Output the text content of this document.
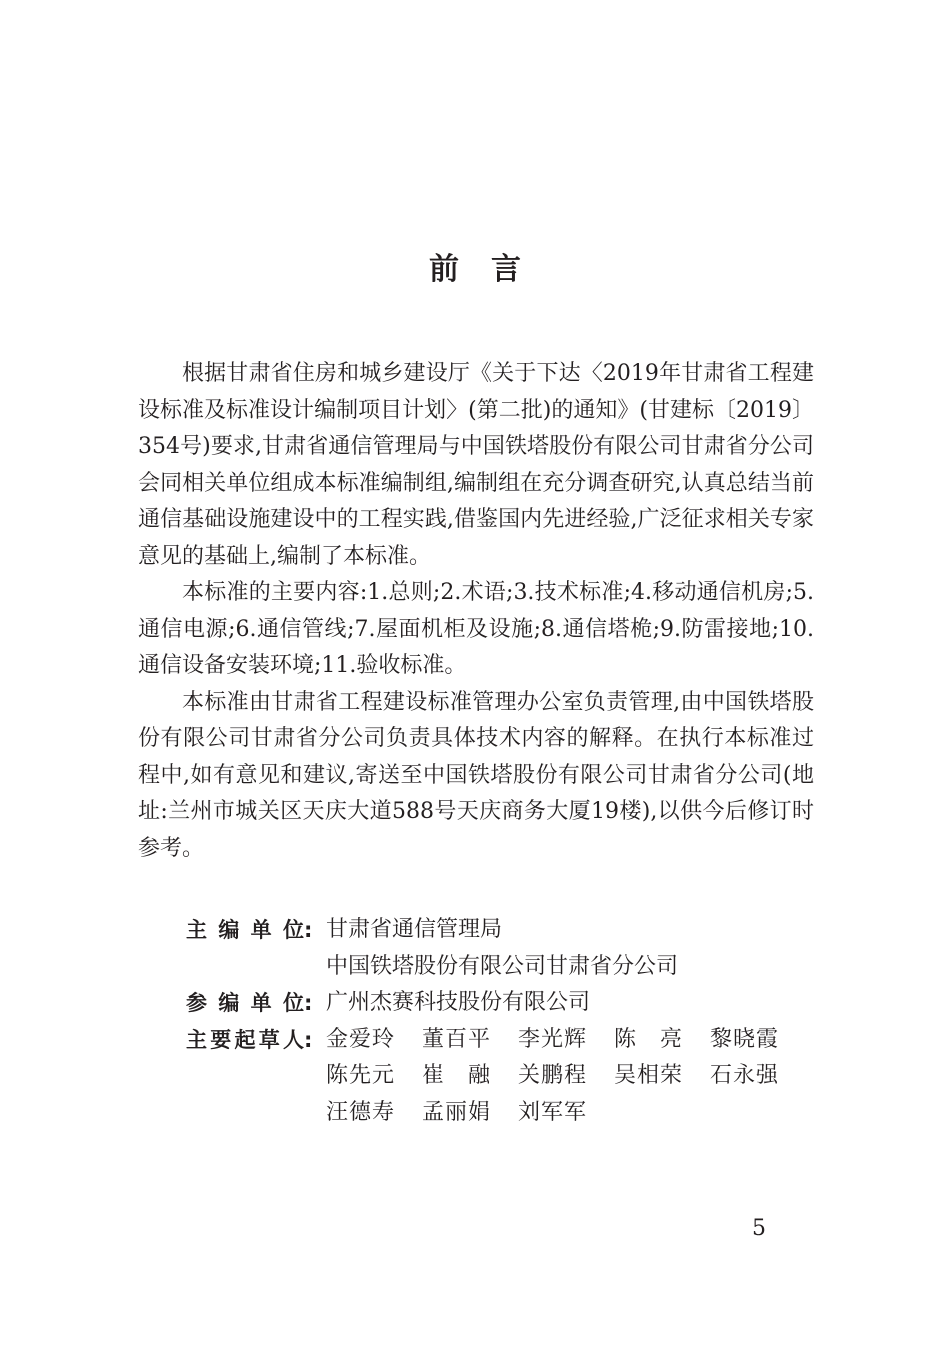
前言

根据甘肃省住房和城乡建设厅《关于下达〈2019年甘肃省工程建设标准及标准设计编制项目计划〉(第二批)的通知》(甘建标〔2019〕354号)要求,甘肃省通信管理局与中国铁塔股份有限公司甘肃省分公司会同相关单位组成本标准编制组,编制组在充分调查研究,认真总结当前通信基础设施建设中的工程实践,借鉴国内先进经验,广泛征求相关专家意见的基础上,编制了本标准。

本标准的主要内容:1.总则;2.术语;3.技术标准;4.移动通信机房;5.通信电源;6.通信管线;7.屋面机柜及设施;8.通信塔桅;9.防雷接地;10.通信设备安装环境;11.验收标准。

本标准由甘肃省工程建设标准管理办公室负责管理,由中国铁塔股份有限公司甘肃省分公司负责具体技术内容的解释。在执行本标准过程中,如有意见和建议,寄送至中国铁塔股份有限公司甘肃省分公司(地址:兰州市城关区天庆大道588号天庆商务大厦19楼),以供今后修订时参考。

主编单位: 甘肃省通信管理局
中国铁塔股份有限公司甘肃省分公司
参编单位: 广州杰赛科技股份有限公司
主要起草人: 金爱玲	董百平	李光辉	陈亮	黎晓霞
陈先元	崔融	关鹏程	吴相荣	石永强
汪德寿	孟丽娟	刘军军
5
